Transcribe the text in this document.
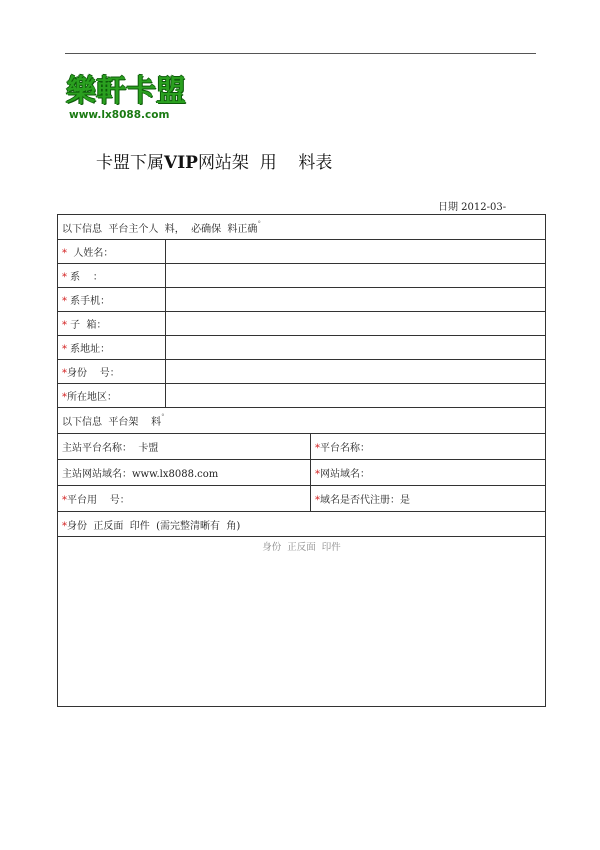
樂軒卡盟
www.lx8088.com
卡盟下属VIP网站架  用    料表
日期 2012-03-
以下信息  平台主个人  料，  必确保  料正确°
*  人姓名：		
* 系    ：		
* 系手机：		
* 子  箱：		
* 系地址：		
*身份    号：		
*所在地区：		
以下信息  平台架    料°
主站平台名称：  卡盟		*平台名称：
主站网站域名：www.lx8088.com		*网站域名：
*平台用    号：		*域名是否代注册：是
*身份  正反面  印件  (需完整清晰有  角)		

身份  正反面  印件		
